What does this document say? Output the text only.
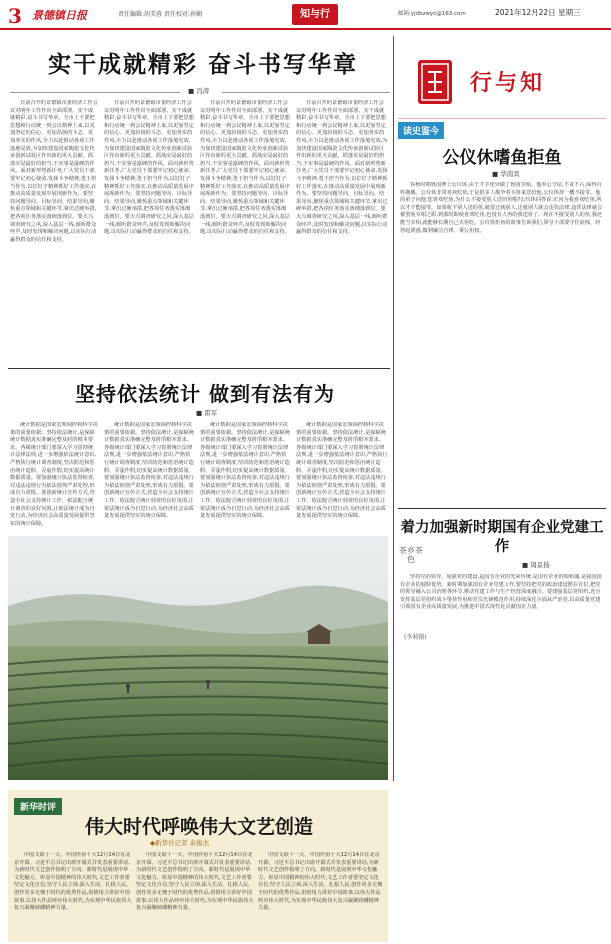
3 景德镇日报	责任编辑:胡美蓉 责任校对:孙娴	知与行	邮箱:yjdbzwyc@163.com	2021年12月22日 星期三
实干成就精彩 奋斗书写华章
■ 冯涛
日前召开的景德镇市委经济工作会议对明年工作作出全面部署。实干成就精彩,奋斗书写华章。全市上下要把思想和行动统一到会议精神上来,以更加坚定的信心、更加昂扬的斗志、更加务实的作风,全力以赴推动各项工作落地见效,为加快建设国家陶瓷文化传承创新试验区作出新的更大贡献。抓落实是最好的担当,干实事是最硬的作风。面对新形势新任务,广大党员干部要牢记初心使命,发扬斗争精神,勇于担当作为,以钉钉子精神抓好工作落实,在推动高质量发展中展现新作为。要坚持问题导向、目标导向、结果导向,聚焦重点领域和关键环节,拿出过硬举措,把各项任务落实落细落到位。要大兴调查研究之风,深入基层一线,倾听群众呼声,及时发现和解决问题,以实际行动赢得群众的信任和支持。
日前召开的景德镇市委经济工作会议对明年工作作出全面部署。实干成就精彩,奋斗书写华章。全市上下要把思想和行动统一到会议精神上来,以更加坚定的信心、更加昂扬的斗志、更加务实的作风,全力以赴推动各项工作落地见效,为加快建设国家陶瓷文化传承创新试验区作出新的更大贡献。抓落实是最好的担当,干实事是最硬的作风。面对新形势新任务,广大党员干部要牢记初心使命,发扬斗争精神,勇于担当作为,以钉钉子精神抓好工作落实,在推动高质量发展中展现新作为。要坚持问题导向、目标导向、结果导向,聚焦重点领域和关键环节,拿出过硬举措,把各项任务落实落细落到位。要大兴调查研究之风,深入基层一线,倾听群众呼声,及时发现和解决问题,以实际行动赢得群众的信任和支持。
日前召开的景德镇市委经济工作会议对明年工作作出全面部署。实干成就精彩,奋斗书写华章。全市上下要把思想和行动统一到会议精神上来,以更加坚定的信心、更加昂扬的斗志、更加务实的作风,全力以赴推动各项工作落地见效,为加快建设国家陶瓷文化传承创新试验区作出新的更大贡献。抓落实是最好的担当,干实事是最硬的作风。面对新形势新任务,广大党员干部要牢记初心使命,发扬斗争精神,勇于担当作为,以钉钉子精神抓好工作落实,在推动高质量发展中展现新作为。要坚持问题导向、目标导向、结果导向,聚焦重点领域和关键环节,拿出过硬举措,把各项任务落实落细落到位。要大兴调查研究之风,深入基层一线,倾听群众呼声,及时发现和解决问题,以实际行动赢得群众的信任和支持。
日前召开的景德镇市委经济工作会议对明年工作作出全面部署。实干成就精彩,奋斗书写华章。全市上下要把思想和行动统一到会议精神上来,以更加坚定的信心、更加昂扬的斗志、更加务实的作风,全力以赴推动各项工作落地见效,为加快建设国家陶瓷文化传承创新试验区作出新的更大贡献。抓落实是最好的担当,干实事是最硬的作风。面对新形势新任务,广大党员干部要牢记初心使命,发扬斗争精神,勇于担当作为,以钉钉子精神抓好工作落实,在推动高质量发展中展现新作为。要坚持问题导向、目标导向、结果导向,聚焦重点领域和关键环节,拿出过硬举措,把各项任务落实落细落到位。要大兴调查研究之风,深入基层一线,倾听群众呼声,及时发现和解决问题,以实际行动赢得群众的信任和支持。
坚持依法统计 做到有法有为
■ 雷军
统计数据是国家宏观调控和科学决策的重要依据。坚持依法统计,是保障统计数据真实准确完整及时的根本要求。各级统计部门要深入学习贯彻统计法律法规,进一步增强依法统计意识,严格执行统计调查制度,坚决防范和惩治统计造假、弄虚作假,切实提高统计数据质量。要加强统计执法监督检查,对违法违规行为依法依规严肃处理,形成有力震慑。要创新统计宣传方式,营造全社会支持统计工作、依法配合统计调查的良好氛围,让依法统计成为自觉行动,为经济社会高质量发展提供坚实的统计保障。
统计数据是国家宏观调控和科学决策的重要依据。坚持依法统计,是保障统计数据真实准确完整及时的根本要求。各级统计部门要深入学习贯彻统计法律法规,进一步增强依法统计意识,严格执行统计调查制度,坚决防范和惩治统计造假、弄虚作假,切实提高统计数据质量。要加强统计执法监督检查,对违法违规行为依法依规严肃处理,形成有力震慑。要创新统计宣传方式,营造全社会支持统计工作、依法配合统计调查的良好氛围,让依法统计成为自觉行动,为经济社会高质量发展提供坚实的统计保障。
统计数据是国家宏观调控和科学决策的重要依据。坚持依法统计,是保障统计数据真实准确完整及时的根本要求。各级统计部门要深入学习贯彻统计法律法规,进一步增强依法统计意识,严格执行统计调查制度,坚决防范和惩治统计造假、弄虚作假,切实提高统计数据质量。要加强统计执法监督检查,对违法违规行为依法依规严肃处理,形成有力震慑。要创新统计宣传方式,营造全社会支持统计工作、依法配合统计调查的良好氛围,让依法统计成为自觉行动,为经济社会高质量发展提供坚实的统计保障。
统计数据是国家宏观调控和科学决策的重要依据。坚持依法统计,是保障统计数据真实准确完整及时的根本要求。各级统计部门要深入学习贯彻统计法律法规,进一步增强依法统计意识,严格执行统计调查制度,坚决防范和惩治统计造假、弄虚作假,切实提高统计数据质量。要加强统计执法监督检查,对违法违规行为依法依规严肃处理,形成有力震慑。要创新统计宣传方式,营造全社会支持统计工作、依法配合统计调查的良好氛围,让依法统计成为自觉行动,为经济社会高质量发展提供坚实的统计保障。
茶乡茶色
(李莉摄)
行与知
读史鉴今
公仪休嗜鱼拒鱼
■ 华南宾
春秋时期鲁国博士公仪休,由于才学优异做了鲁国宰相。他奉公守法,不贪不占,深得百姓拥戴。公仪休非常喜欢吃鱼,于是很多人都争着买鱼来送给他,公仪休却一概不接受。他的弟子问他:您喜欢吃鱼,为什么不接受别人送的鱼呢?公仪休回答说:正因为我喜欢吃鱼,所以才不能接受。如果收下别人送的鱼,就要迁就别人,迁就别人就会违背法律,违背法律就会被罢免宰相之职,到那时即使喜欢吃鱼,也没有人再给我送鱼了。现在不接受别人的鱼,我还能当宰相,就能够长期自己买鱼吃。公仪休拒鱼的故事告诉我们,领导干部要守住底线、经得起诱惑,做到廉洁自律、秉公用权。
着力加强新时期国有企业党建工作
■ 周景扬
坚持党的领导、加强党的建设,是国有企业的光荣传统,是国有企业的根和魂,是我国国有企业的独特优势。新时期加强国有企业党建工作,要坚持把党的政治建设摆在首位,把党的领导融入公司治理各环节,推动党建工作与生产经营深度融合。要建强基层党组织,充分发挥基层党组织战斗堡垒作用和党员先锋模范作用,持续深化全面从严治党,以高质量党建引领国有企业高质量发展,为推进中国式现代化贡献国企力量。
新华时评
伟大时代呼唤伟大文艺创造
◆新华社记者 余俊杰
中国文联十一大、中国作协十大12月14日在北京开幕。习近平总书记出席开幕式并发表重要讲话,为新时代文艺创作指明了方向。新时代是展现中华文化魅力、彰显中国精神的伟大时代,文艺工作者要坚定文化自信,坚守人民立场,深入生活、扎根人民,创作更多无愧于时代的优秀作品,用情用力讲好中国故事,以伟大作品呼应伟大时代,为实现中华民族伟大复兴凝聚磅礴精神力量。
中国文联十一大、中国作协十大12月14日在北京开幕。习近平总书记出席开幕式并发表重要讲话,为新时代文艺创作指明了方向。新时代是展现中华文化魅力、彰显中国精神的伟大时代,文艺工作者要坚定文化自信,坚守人民立场,深入生活、扎根人民,创作更多无愧于时代的优秀作品,用情用力讲好中国故事,以伟大作品呼应伟大时代,为实现中华民族伟大复兴凝聚磅礴精神力量。
中国文联十一大、中国作协十大12月14日在北京开幕。习近平总书记出席开幕式并发表重要讲话,为新时代文艺创作指明了方向。新时代是展现中华文化魅力、彰显中国精神的伟大时代,文艺工作者要坚定文化自信,坚守人民立场,深入生活、扎根人民,创作更多无愧于时代的优秀作品,用情用力讲好中国故事,以伟大作品呼应伟大时代,为实现中华民族伟大复兴凝聚磅礴精神力量。
